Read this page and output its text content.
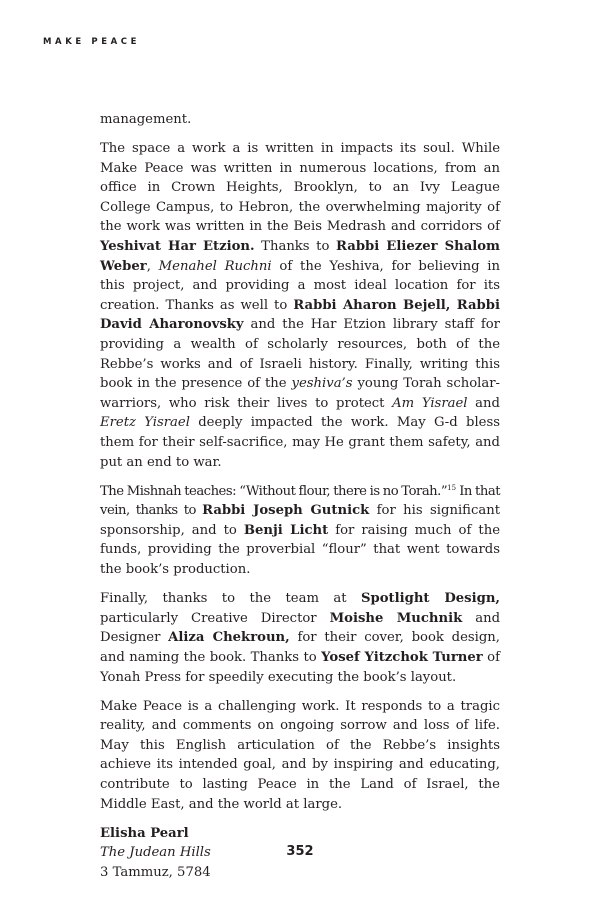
MAKE PEACE

management.

The space a work a is written in impacts its soul. While Make Peace was written in numerous locations, from an office in Crown Heights, Brooklyn, to an Ivy League College Campus, to Hebron, the overwhelming majority of the work was written in the Beis Medrash and corridors of Yeshivat Har Etzion. Thanks to Rabbi Eliezer Shalom Weber, Menahel Ruchni of the Yeshiva, for believing in this project, and providing a most ideal location for its creation. Thanks as well to Rabbi Aharon Bejell, Rabbi David Aharonovsky and the Har Etzion library staff for providing a wealth of scholarly resources, both of the Rebbe’s works and of Israeli history. Finally, writing this book in the presence of the yeshiva’s young Torah scholar-warriors, who risk their lives to protect Am Yisrael and Eretz Yisrael deeply impacted the work. May G-d bless them for their self-sacrifice, may He grant them safety, and put an end to war.

The Mishnah teaches: “Without flour, there is no Torah.”$^{15}$ In that vein, thanks to Rabbi Joseph Gutnick for his significant sponsorship, and to Benji Licht for raising much of the funds, providing the proverbial “flour” that went towards the book’s production.

Finally, thanks to the team at Spotlight Design, particularly Creative Director Moishe Muchnik and Designer Aliza Chekroun, for their cover, book design, and naming the book. Thanks to Yosef Yitzchok Turner of Yonah Press for speedily executing the book’s layout.

Make Peace is a challenging work. It responds to a tragic reality, and comments on ongoing sorrow and loss of life. May this English articulation of the Rebbe’s insights achieve its intended goal, and by inspiring and educating, contribute to lasting Peace in the Land of Israel, the Middle East, and the world at large.

Elisha Pearl
The Judean Hills
3 Tammuz, 5784
352
